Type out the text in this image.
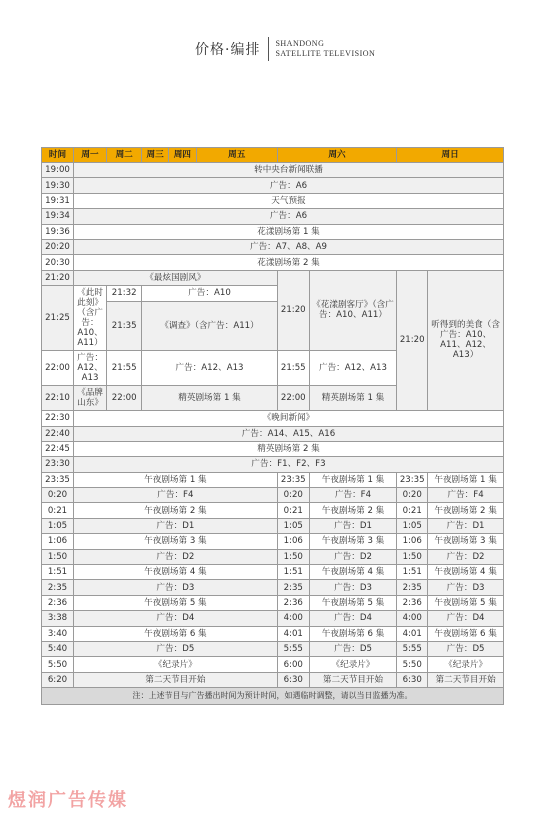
价格·编排	SHANDONG
SATELLITE TELEVISION
时间	周一	周二	周三	周四	周五	周六		周日	
19:00	转中央台新闻联播								
19:30	广告：A6								
19:31	天气预报								
19:34	广告：A6								
19:36	花漾剧场第 1 集								
20:20	广告：A7、A8、A9								
20:30	花漾剧场第 2 集								
21:20	《最炫国剧风》					21:20	《花漾剧客厅》（含广告：A10、A11）	21:20	听得到的美食（含广告：A10、A11、A12、A13）
21:25	《此时此刻》（含广告：A10、A11）	21:32	广告：A10						
		21:35	《调查》（含广告：A11）						

22:00	广告：A12、A13	21:55	广告：A12、A13			21:55	广告：A12、A13		

22:10	《品牌山东》	22:00	精英剧场第 1 集			22:00	精英剧场第 1 集		

22:30	《晚间新闻》								
22:40	广告：A14、A15、A16								
22:45	精英剧场第 2 集								
23:30	广告：F1、F2、F3								
23:35	午夜剧场第 1 集					23:35	午夜剧场第 1 集	23:35	午夜剧场第 1 集
0:20	广告：F4					0:20	广告：F4	0:20	广告：F4
0:21	午夜剧场第 2 集					0:21	午夜剧场第 2 集	0:21	午夜剧场第 2 集
1:05	广告：D1					1:05	广告：D1	1:05	广告：D1
1:06	午夜剧场第 3 集					1:06	午夜剧场第 3 集	1:06	午夜剧场第 3 集
1:50	广告：D2					1:50	广告：D2	1:50	广告：D2
1:51	午夜剧场第 4 集					1:51	午夜剧场第 4 集	1:51	午夜剧场第 4 集
2:35	广告：D3					2:35	广告：D3	2:35	广告：D3
2:36	午夜剧场第 5 集					2:36	午夜剧场第 5 集	2:36	午夜剧场第 5 集
3:38	广告：D4					4:00	广告：D4	4:00	广告：D4
3:40	午夜剧场第 6 集					4:01	午夜剧场第 6 集	4:01	午夜剧场第 6 集
5:40	广告：D5					5:55	广告：D5	5:55	广告：D5
5:50	《纪录片》					6:00	《纪录片》	5:50	《纪录片》
6:20	第二天节目开始					6:30	第二天节目开始	6:30	第二天节目开始
注：上述节目与广告播出时间为预计时间，如遇临时调整，请以当日监播为准。									
煜润广告传媒
